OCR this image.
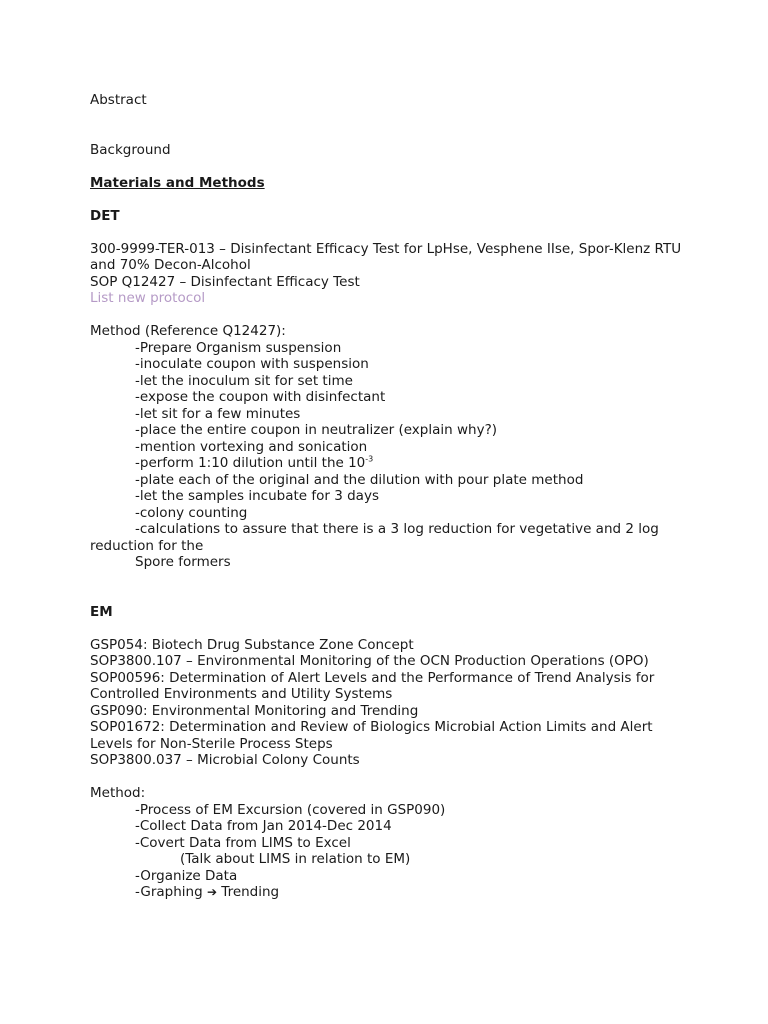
Abstract
Background
Materials and Methods
DET
300-9999-TER-013 – Disinfectant Efficacy Test for LpHse, Vesphene IIse, Spor-Klenz RTU and 70% Decon-Alcohol
SOP Q12427 – Disinfectant Efficacy Test
List new protocol
Method (Reference Q12427):
-Prepare Organism suspension
-inoculate coupon with suspension
-let the inoculum sit for set time
-expose the coupon with disinfectant
-let sit for a few minutes
-place the entire coupon in neutralizer (explain why?)
-mention vortexing and sonication
-perform 1:10 dilution until the $10^{-3}$
-plate each of the original and the dilution with pour plate method
-let the samples incubate for 3 days
-colony counting
-calculations to assure that there is a 3 log reduction for vegetative and 2 log
reduction for the
Spore formers
EM
GSP054: Biotech Drug Substance Zone Concept
SOP3800.107 – Environmental Monitoring of the OCN Production Operations (OPO)
SOP00596: Determination of Alert Levels and the Performance of Trend Analysis for Controlled Environments and Utility Systems
GSP090: Environmental Monitoring and Trending
SOP01672: Determination and Review of Biologics Microbial Action Limits and Alert Levels for Non-Sterile Process Steps
SOP3800.037 – Microbial Colony Counts
Method:
-Process of EM Excursion (covered in GSP090)
-Collect Data from Jan 2014-Dec 2014
-Covert Data from LIMS to Excel
(Talk about LIMS in relation to EM)
-Organize Data
-Graphing ➔ Trending
